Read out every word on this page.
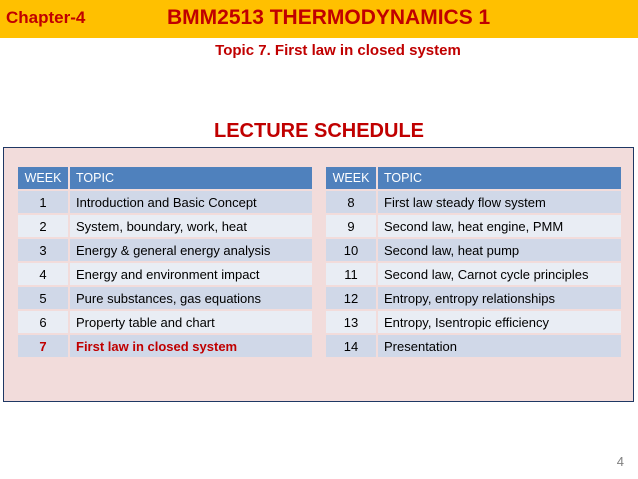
Chapter-4	BMM2513 THERMODYNAMICS 1
Topic 7. First law in closed system
LECTURE SCHEDULE
WEEK	TOPIC
1	Introduction and Basic Concept
2	System, boundary, work, heat
3	Energy & general energy analysis
4	Energy and environment impact
5	Pure substances, gas equations
6	Property table and chart
7	First law in closed system
WEEK	TOPIC
8	First law steady flow system
9	Second law, heat engine, PMM
10	Second law, heat pump
11	Second law, Carnot cycle principles
12	Entropy, entropy relationships
13	Entropy, Isentropic efficiency
14	Presentation
4
